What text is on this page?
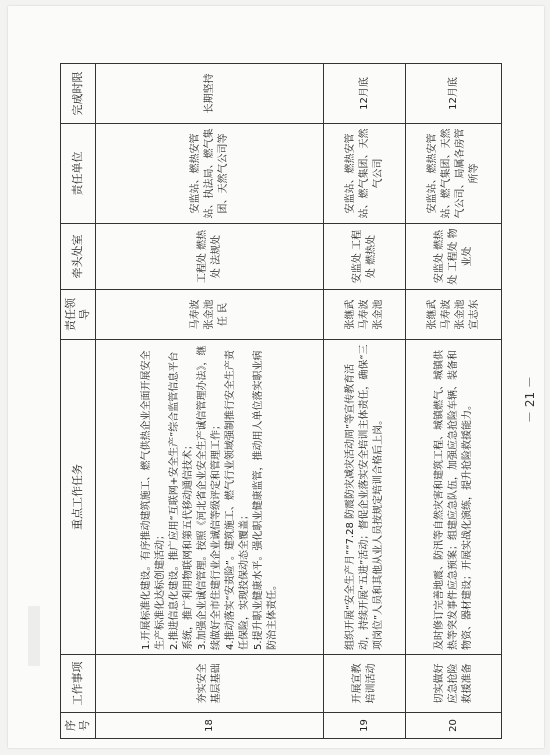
序号	工作事项	重点工作任务	责任领导	牵头处室	责任单位	完成时限
18	夯实安全基层基础	1.开展标准化建设。有序推动建筑施工、燃气供热企业全面开展安全生产标准化达标创建活动； 2.推进信息化建设。推广应用“互联网+安全生产”综合监管信息平台系统，推广利用物联网和第五代移动通信技术； 3.加强企业诚信管理。按照《河北省企业安全生产诚信管理办法》，继续做好全市住建行业企业诚信等级评定和管理工作； 4.推动落实“安责险”。建筑施工、燃气行业领域强制推行安全生产责任保险，实现投保动态全覆盖； 5.提升职业健康水平。强化职业健康监管，推动用人单位落实职业病防治主体责任。	马寿波 张金池 任 民	工程处 燃热处 法规处	安监站、燃热安管站、执法局、燃气集团、天然气公司等	长期坚持
19	开展宣教培训活动	组织开展“安全生产月”“7.28 防震防灾减灾活动周”等宣传教育活动，持续开展“五进”活动；督促企业落实安全培训主体责任，确保“三项岗位”人员和其他从业人员按规定培训合格后上岗。	张继武 马寿波 张金池	安监处 工程处 燃热处	安监站、燃热安管站、燃气集团、天然气公司	12月底
20	切实做好应急抢险救援准备	及时修订完善地震、防汛等自然灾害和建筑工程、城镇燃气、城镇供热等突发事件应急预案；组建应急队伍，加强应急抢险车辆、装备和物资、器材建设；开展实战化演练，提升抢险救援能力。	张继武 马寿波 张金池 宣志东	安监处 燃热处 工程处 物业处	安监站、燃热安管站、燃气集团、天然气公司、局属各房管所等	12月底
－ 21 －
